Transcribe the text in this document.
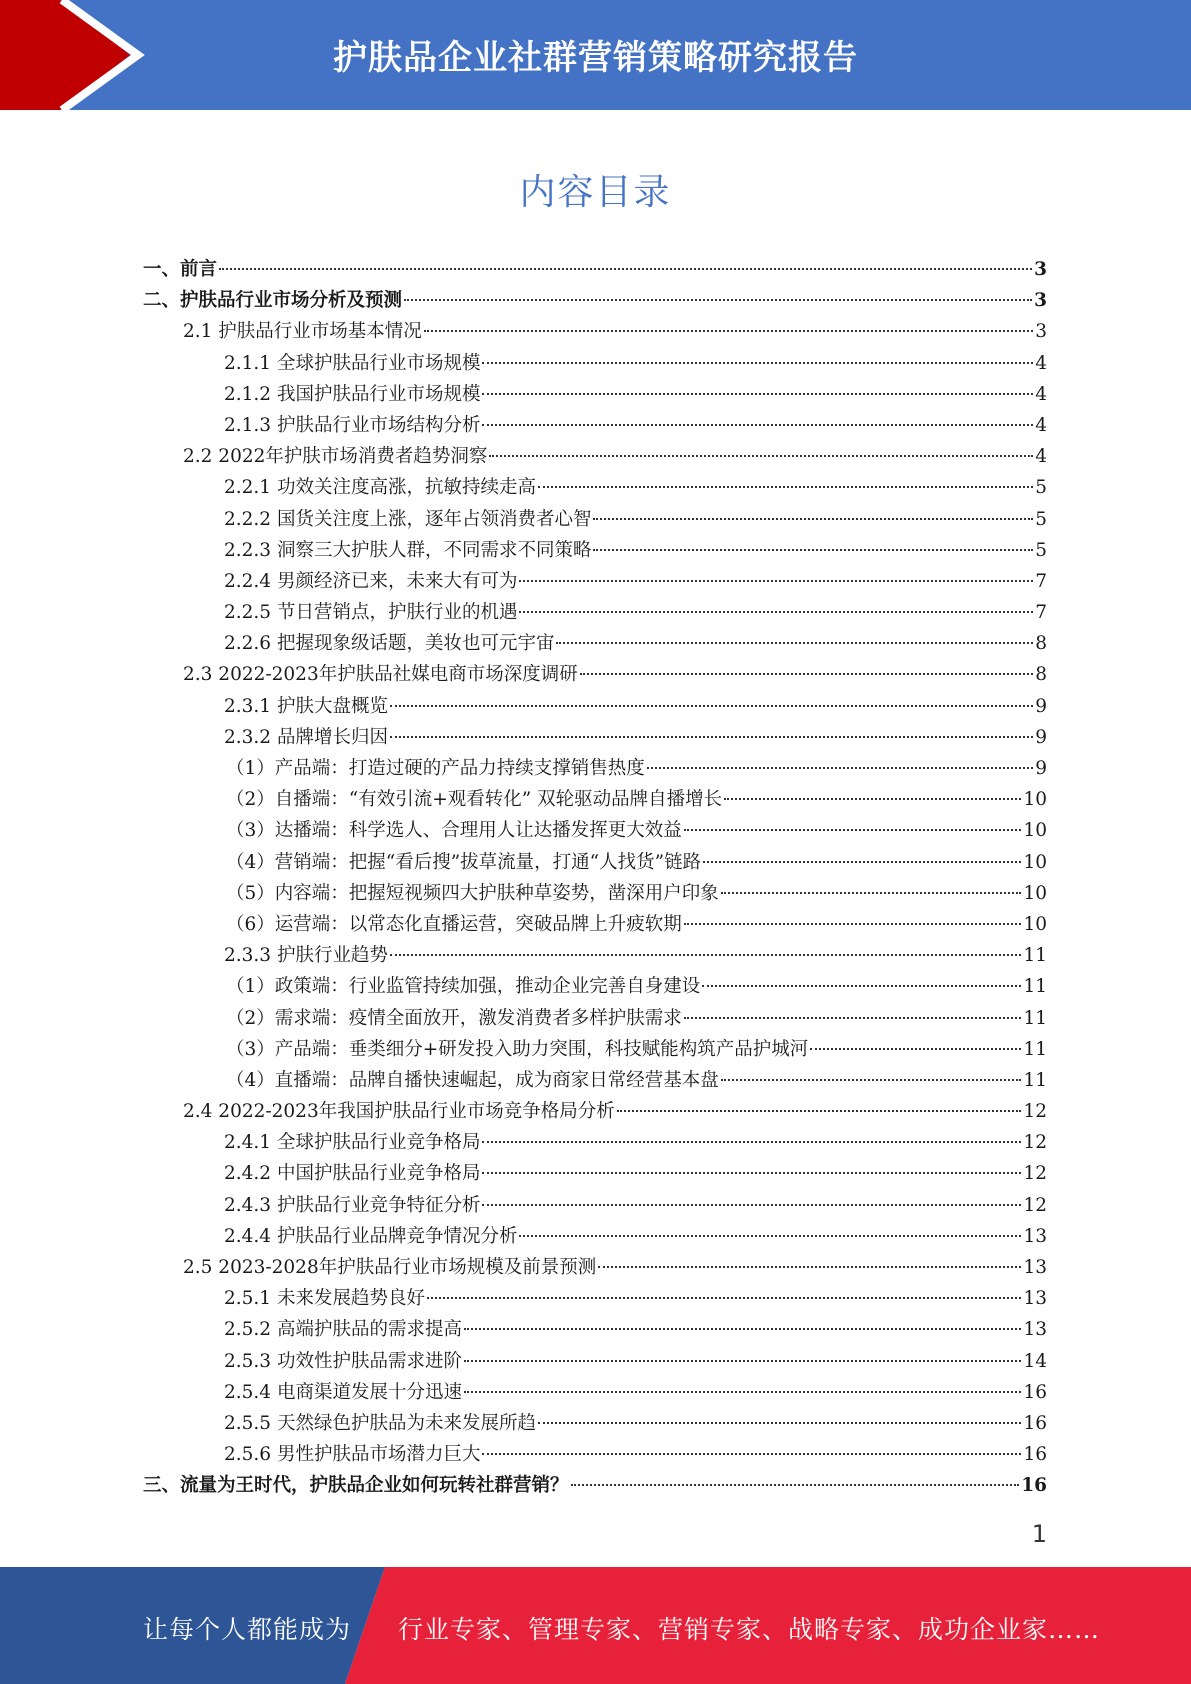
护肤品企业社群营销策略研究报告
内容目录
一、前言	3
二、护肤品行业市场分析及预测	3
2.1 护肤品行业市场基本情况	3
2.1.1 全球护肤品行业市场规模	4
2.1.2 我国护肤品行业市场规模	4
2.1.3 护肤品行业市场结构分析	4
2.2 2022年护肤市场消费者趋势洞察	4
2.2.1 功效关注度高涨，抗敏持续走高	5
2.2.2 国货关注度上涨，逐年占领消费者心智	5
2.2.3 洞察三大护肤人群，不同需求不同策略	5
2.2.4 男颜经济已来，未来大有可为	7
2.2.5 节日营销点，护肤行业的机遇	7
2.2.6 把握现象级话题，美妆也可元宇宙	8
2.3 2022-2023年护肤品社媒电商市场深度调研	8
2.3.1 护肤大盘概览	9
2.3.2 品牌增长归因	9
（1）产品端：打造过硬的产品力持续支撑销售热度	9
（2）自播端：“有效引流+观看转化” 双轮驱动品牌自播增长	10
（3）达播端：科学选人、合理用人让达播发挥更大效益	10
（4）营销端：把握“看后搜”拔草流量，打通“人找货”链路	10
（5）内容端：把握短视频四大护肤种草姿势，凿深用户印象	10
（6）运营端：以常态化直播运营，突破品牌上升疲软期	10
2.3.3 护肤行业趋势	11
（1）政策端：行业监管持续加强，推动企业完善自身建设	11
（2）需求端：疫情全面放开，激发消费者多样护肤需求	11
（3）产品端：垂类细分+研发投入助力突围，科技赋能构筑产品护城河	11
（4）直播端：品牌自播快速崛起，成为商家日常经营基本盘	11
2.4 2022-2023年我国护肤品行业市场竞争格局分析	12
2.4.1 全球护肤品行业竞争格局	12
2.4.2 中国护肤品行业竞争格局	12
2.4.3 护肤品行业竞争特征分析	12
2.4.4 护肤品行业品牌竞争情况分析	13
2.5 2023-2028年护肤品行业市场规模及前景预测	13
2.5.1 未来发展趋势良好	13
2.5.2 高端护肤品的需求提高	13
2.5.3 功效性护肤品需求进阶	14
2.5.4 电商渠道发展十分迅速	16
2.5.5 天然绿色护肤品为未来发展所趋	16
2.5.6 男性护肤品市场潜力巨大	16
三、流量为王时代，护肤品企业如何玩转社群营销？	16
1
让每个人都能成为 行业专家、管理专家、营销专家、战略专家、成功企业家……
